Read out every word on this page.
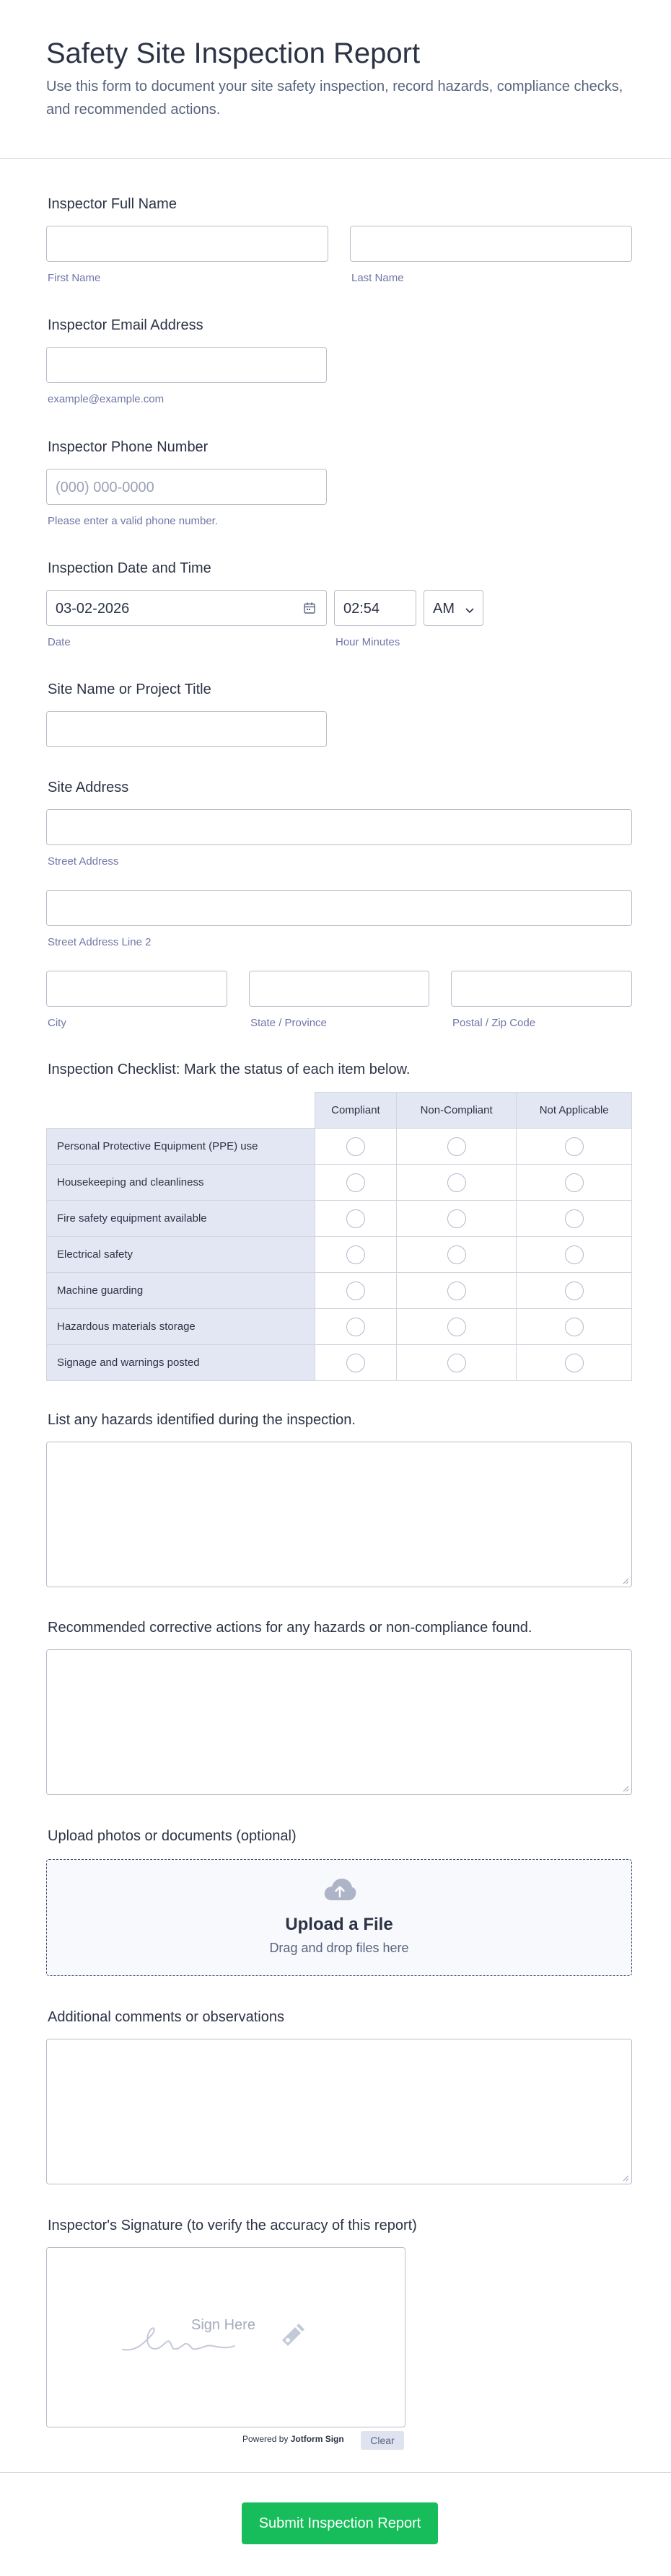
Safety Site Inspection Report

Use this form to document your site safety inspection, record hazards, compliance checks, and recommended actions.

Inspector Full Name
First Name	Last Name
Inspector Email Address
example@example.com
Inspector Phone Number
(000) 000-0000
Please enter a valid phone number.
Inspection Date and Time
03-02-2026
Date
02:54
Hour Minutes
AM
Site Name or Project Title
Site Address
Street Address
Street Address Line 2
City	State / Province	Postal / Zip Code
Inspection Checklist: Mark the status of each item below.
	Compliant	Non-Compliant	Not Applicable
Personal Protective Equipment (PPE) use	

Housekeeping and cleanliness	

Fire safety equipment available	

Electrical safety	

Machine guarding	

Hazardous materials storage	

Signage and warnings posted	

List any hazards identified during the inspection.
Recommended corrective actions for any hazards or non-compliance found.
Upload photos or documents (optional)
Upload a File
Drag and drop files here
Additional comments or observations
Inspector's Signature (to verify the accuracy of this report)
Sign Here
Powered by Jotform Sign	Clear
Submit Inspection Report
